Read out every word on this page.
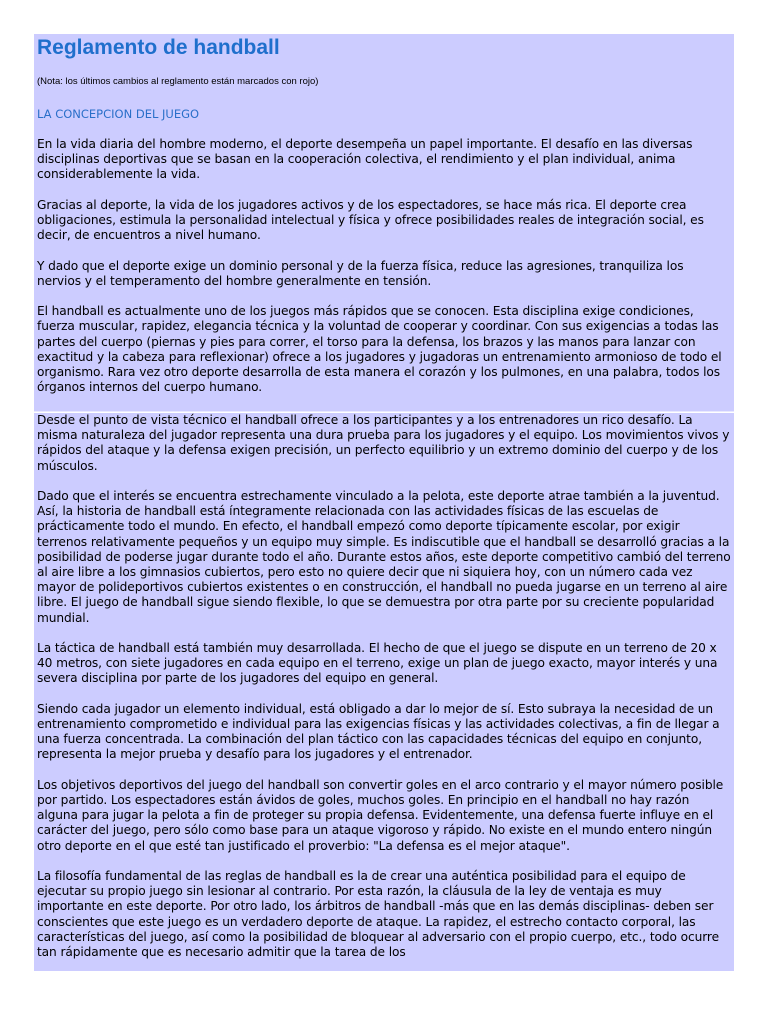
Reglamento de handball

(Nota: los últimos cambios al reglamento están marcados con rojo)

LA CONCEPCION DEL JUEGO

En la vida diaria del hombre moderno, el deporte desempeña un papel importante. El desafío en las diversas disciplinas deportivas que se basan en la cooperación colectiva, el rendimiento y el plan individual, anima considerablemente la vida.

Gracias al deporte, la vida de los jugadores activos y de los espectadores, se hace más rica. El deporte crea obligaciones, estimula la personalidad intelectual y física y ofrece posibilidades reales de integración social, es decir, de encuentros a nivel humano.

Y dado que el deporte exige un dominio personal y de la fuerza física, reduce las agresiones, tranquiliza los nervios y el temperamento del hombre generalmente en tensión.

El handball es actualmente uno de los juegos más rápidos que se conocen. Esta disciplina exige condiciones, fuerza muscular, rapidez, elegancia técnica y la voluntad de cooperar y coordinar. Con sus exigencias a todas las partes del cuerpo (piernas y pies para correr, el torso para la defensa, los brazos y las manos para lanzar con exactitud y la cabeza para reflexionar) ofrece a los jugadores y jugadoras un entrenamiento armonioso de todo el organismo. Rara vez otro deporte desarrolla de esta manera el corazón y los pulmones, en una palabra, todos los órganos internos del cuerpo humano.

Desde el punto de vista técnico el handball ofrece a los participantes y a los entrenadores un rico desafío. La misma naturaleza del jugador representa una dura prueba para los jugadores y el equipo. Los movimientos vivos y rápidos del ataque y la defensa exigen precisión, un perfecto equilibrio y un extremo dominio del cuerpo y de los músculos.

Dado que el interés se encuentra estrechamente vinculado a la pelota, este deporte atrae también a la juventud. Así, la historia de handball está íntegramente relacionada con las actividades físicas de las escuelas de prácticamente todo el mundo. En efecto, el handball empezó como deporte típicamente escolar, por exigir terrenos relativamente pequeños y un equipo muy simple. Es indiscutible que el handball se desarrolló gracias a la posibilidad de poderse jugar durante todo el año. Durante estos años, este deporte competitivo cambió del terreno al aire libre a los gimnasios cubiertos, pero esto no quiere decir que ni siquiera hoy, con un número cada vez mayor de polideportivos cubiertos existentes o en construcción, el handball no pueda jugarse en un terreno al aire libre. El juego de handball sigue siendo flexible, lo que se demuestra por otra parte por su creciente popularidad mundial.

La táctica de handball está también muy desarrollada. El hecho de que el juego se dispute en un terreno de 20 x 40 metros, con siete jugadores en cada equipo en el terreno, exige un plan de juego exacto, mayor interés y una severa disciplina por parte de los jugadores del equipo en general.

Siendo cada jugador un elemento individual, está obligado a dar lo mejor de sí. Esto subraya la necesidad de un entrenamiento comprometido e individual para las exigencias físicas y las actividades colectivas, a fin de llegar a una fuerza concentrada. La combinación del plan táctico con las capacidades técnicas del equipo en conjunto, representa la mejor prueba y desafío para los jugadores y el entrenador.

Los objetivos deportivos del juego del handball son convertir goles en el arco contrario y el mayor número posible por partido. Los espectadores están ávidos de goles, muchos goles. En principio en el handball no hay razón alguna para jugar la pelota a fin de proteger su propia defensa. Evidentemente, una defensa fuerte influye en el carácter del juego, pero sólo como base para un ataque vigoroso y rápido. No existe en el mundo entero ningún otro deporte en el que esté tan justificado el proverbio: "La defensa es el mejor ataque".

La filosofía fundamental de las reglas de handball es la de crear una auténtica posibilidad para el equipo de ejecutar su propio juego sin lesionar al contrario. Por esta razón, la cláusula de la ley de ventaja es muy importante en este deporte. Por otro lado, los árbitros de handball -más que en las demás disciplinas- deben ser conscientes que este juego es un verdadero deporte de ataque. La rapidez, el estrecho contacto corporal, las características del juego, así como la posibilidad de bloquear al adversario con el propio cuerpo, etc., todo ocurre tan rápidamente que es necesario admitir que la tarea de los
